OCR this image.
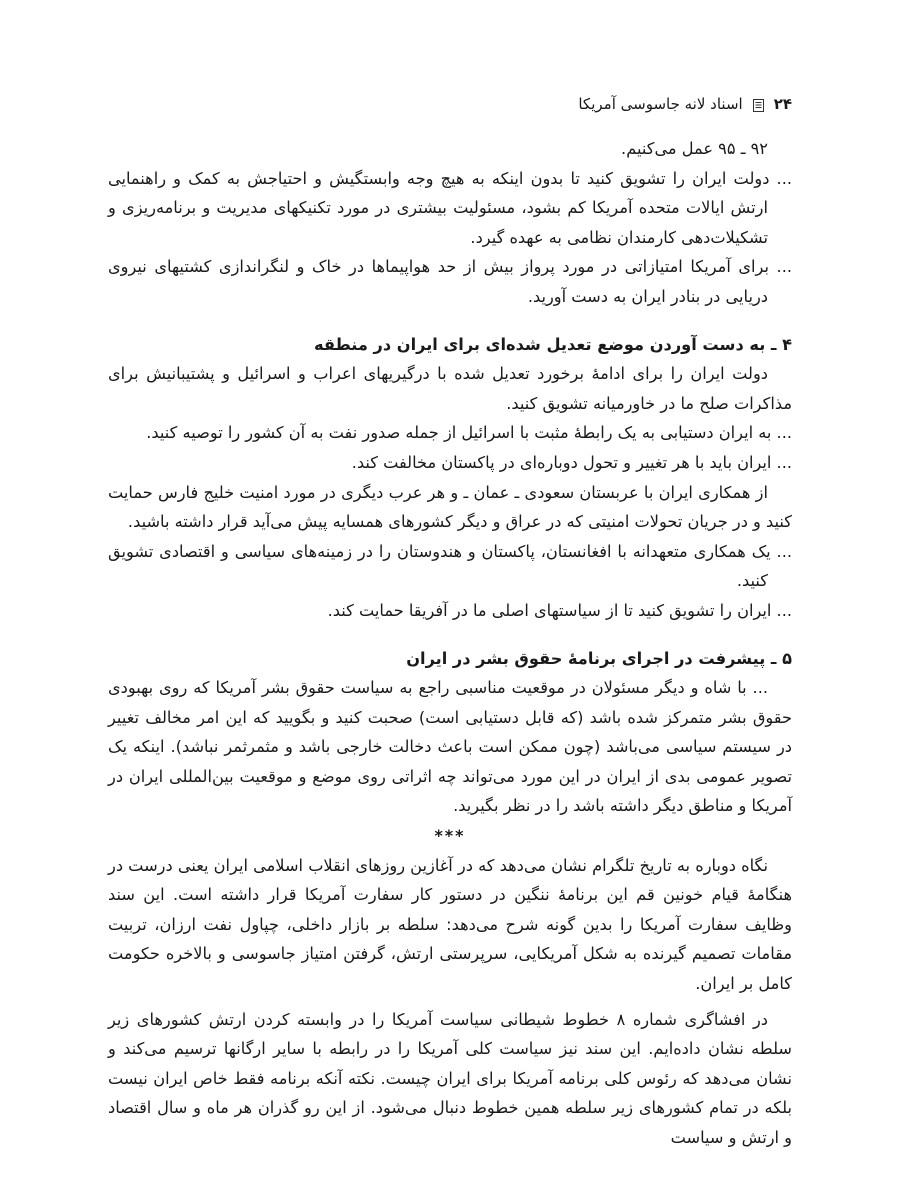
۲۴
اسناد لانه جاسوسی آمریکا

۹۲ ـ ۹۵ عمل می‌کنیم.

... دولت ایران را تشویق کنید تا بدون اینکه به هیچ وجه وابستگیش و احتیاجش به کمک و راهنمایی ارتش ایالات متحده آمریکا کم بشود، مسئولیت بیشتری در مورد تکنیکهای مدیریت و برنامه‌ریزی و تشکیلات‌دهی کارمندان نظامی به عهده گیرد.

... برای آمریکا امتیازاتی در مورد پرواز بیش از حد هواپیماها در خاک و لنگراندازی کشتیهای نیروی دریایی در بنادر ایران به دست آورید.

۴ ـ به دست آوردن موضع تعدیل شده‌ای برای ایران در منطقه

دولت ایران را برای ادامهٔ برخورد تعدیل شده با درگیریهای اعراب و اسرائیل و پشتیبانیش برای مذاکرات صلح ما در خاورمیانه تشویق کنید.

... به ایران دستیابی به یک رابطهٔ مثبت با اسرائیل از جمله صدور نفت به آن کشور را توصیه کنید.

... ایران باید با هر تغییر و تحول دوباره‌ای در پاکستان مخالفت کند.

از همکاری ایران با عربستان سعودی ـ عمان ـ و هر عرب دیگری در مورد امنیت خلیج فارس حمایت کنید و در جریان تحولات امنیتی که در عراق و دیگر کشورهای همسایه پیش می‌آید قرار داشته باشید.

... یک همکاری متعهدانه با افغانستان، پاکستان و هندوستان را در زمینه‌های سیاسی و اقتصادی تشویق کنید.

... ایران را تشویق کنید تا از سیاستهای اصلی ما در آفریقا حمایت کند.

۵ ـ پیشرفت در اجرای برنامهٔ حقوق بشر در ایران

... با شاه و دیگر مسئولان در موقعیت مناسبی راجع به سیاست حقوق بشر آمریکا که روی بهبودی حقوق بشر متمرکز شده باشد (که قابل دستیابی است) صحبت کنید و بگویید که این امر مخالف تغییر در سیستم سیاسی می‌باشد (چون ممکن است باعث دخالت خارجی باشد و مثمرثمر نباشد). اینکه یک تصویر عمومی بدی از ایران در این مورد می‌تواند چه اثراتی روی موضع و موقعیت بین‌المللی ایران در آمریکا و مناطق دیگر داشته باشد را در نظر بگیرید.

***

نگاه دوباره به تاریخ تلگرام نشان می‌دهد که در آغازین روزهای انقلاب اسلامی ایران یعنی درست در هنگامهٔ قیام خونین قم این برنامهٔ ننگین در دستور کار سفارت آمریکا قرار داشته است. این سند وظایف سفارت آمریکا را بدین گونه شرح می‌دهد: سلطه بر بازار داخلی، چپاول نفت ارزان، تربیت مقامات تصمیم گیرنده به شکل آمریکایی، سرپرستی ارتش، گرفتن امتیاز جاسوسی و بالاخره حکومت کامل بر ایران.

در افشاگری شماره ۸ خطوط شیطانی سیاست آمریکا را در وابسته کردن ارتش کشورهای زیر سلطه نشان داده‌ایم. این سند نیز سیاست کلی آمریکا را در رابطه با سایر ارگانها ترسیم می‌کند و نشان می‌دهد که رئوس کلی برنامه آمریکا برای ایران چیست. نکته آنکه برنامه فقط خاص ایران نیست بلکه در تمام کشورهای زیر سلطه همین خطوط دنبال می‌شود. از این رو گذران هر ماه و سال اقتصاد و ارتش و سیاست
